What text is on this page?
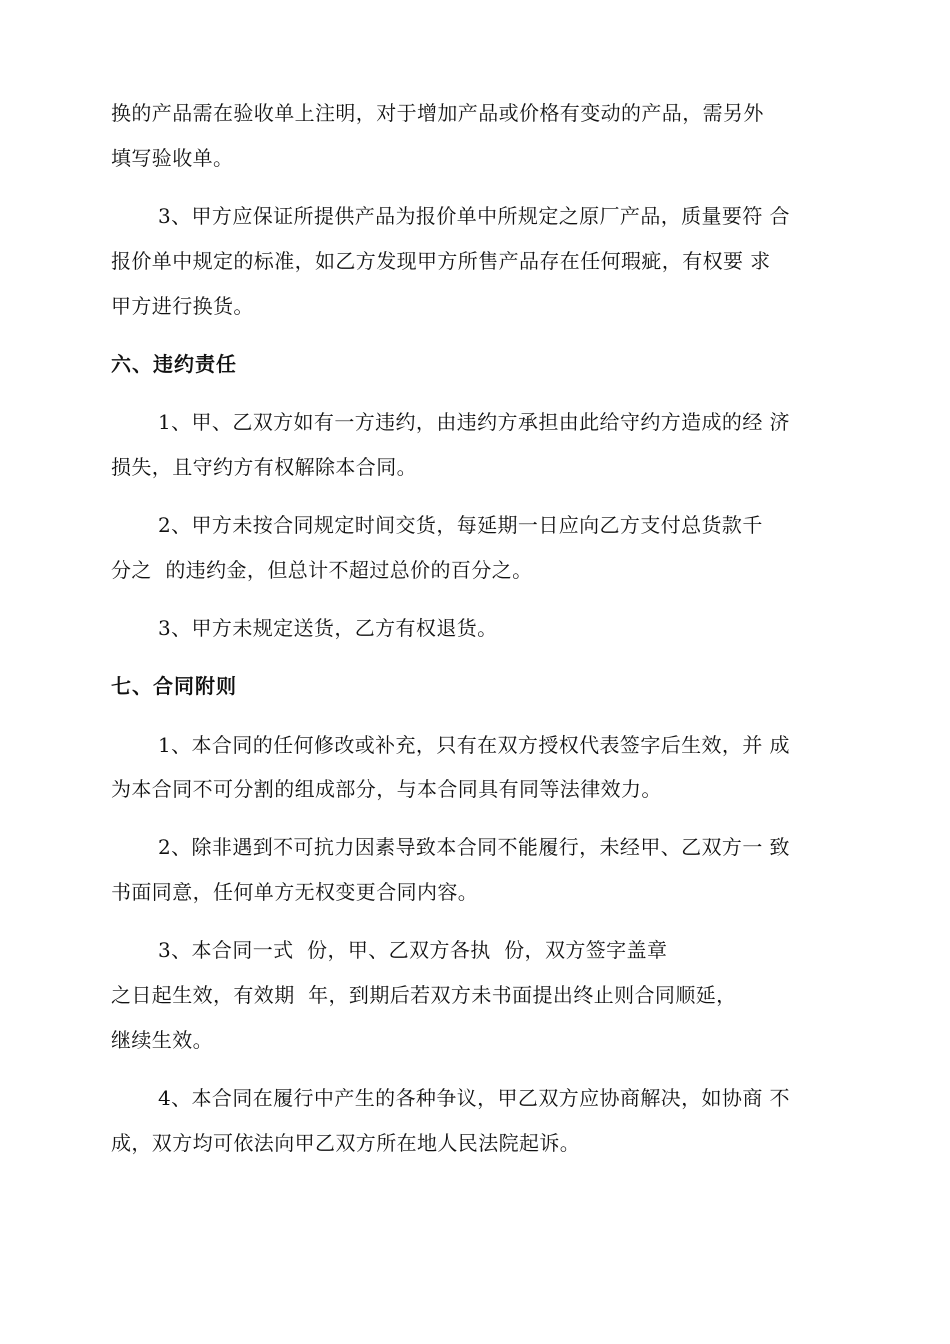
换的产品需在验收单上注明，对于增加产品或价格有变动的产品，需另外
填写验收单。
3、甲方应保证所提供产品为报价单中所规定之原厂产品，质量要符 合
报价单中规定的标准，如乙方发现甲方所售产品存在任何瑕疵，有权要 求
甲方进行换货。
六、违约责任
1、甲、乙双方如有一方违约，由违约方承担由此给守约方造成的经 济
损失，且守约方有权解除本合同。
2、甲方未按合同规定时间交货，每延期一日应向乙方支付总货款千
分之  的违约金，但总计不超过总价的百分之。
3、甲方未规定送货，乙方有权退货。
七、合同附则
1、本合同的任何修改或补充，只有在双方授权代表签字后生效，并 成
为本合同不可分割的组成部分，与本合同具有同等法律效力。
2、除非遇到不可抗力因素导致本合同不能履行，未经甲、乙双方一 致
书面同意，任何单方无权变更合同内容。
3、本合同一式  份，甲、乙双方各执  份，双方签字盖章
之日起生效，有效期  年，到期后若双方未书面提出终止则合同顺延，
继续生效。
4、本合同在履行中产生的各种争议，甲乙双方应协商解决，如协商 不
成，双方均可依法向甲乙双方所在地人民法院起诉。
